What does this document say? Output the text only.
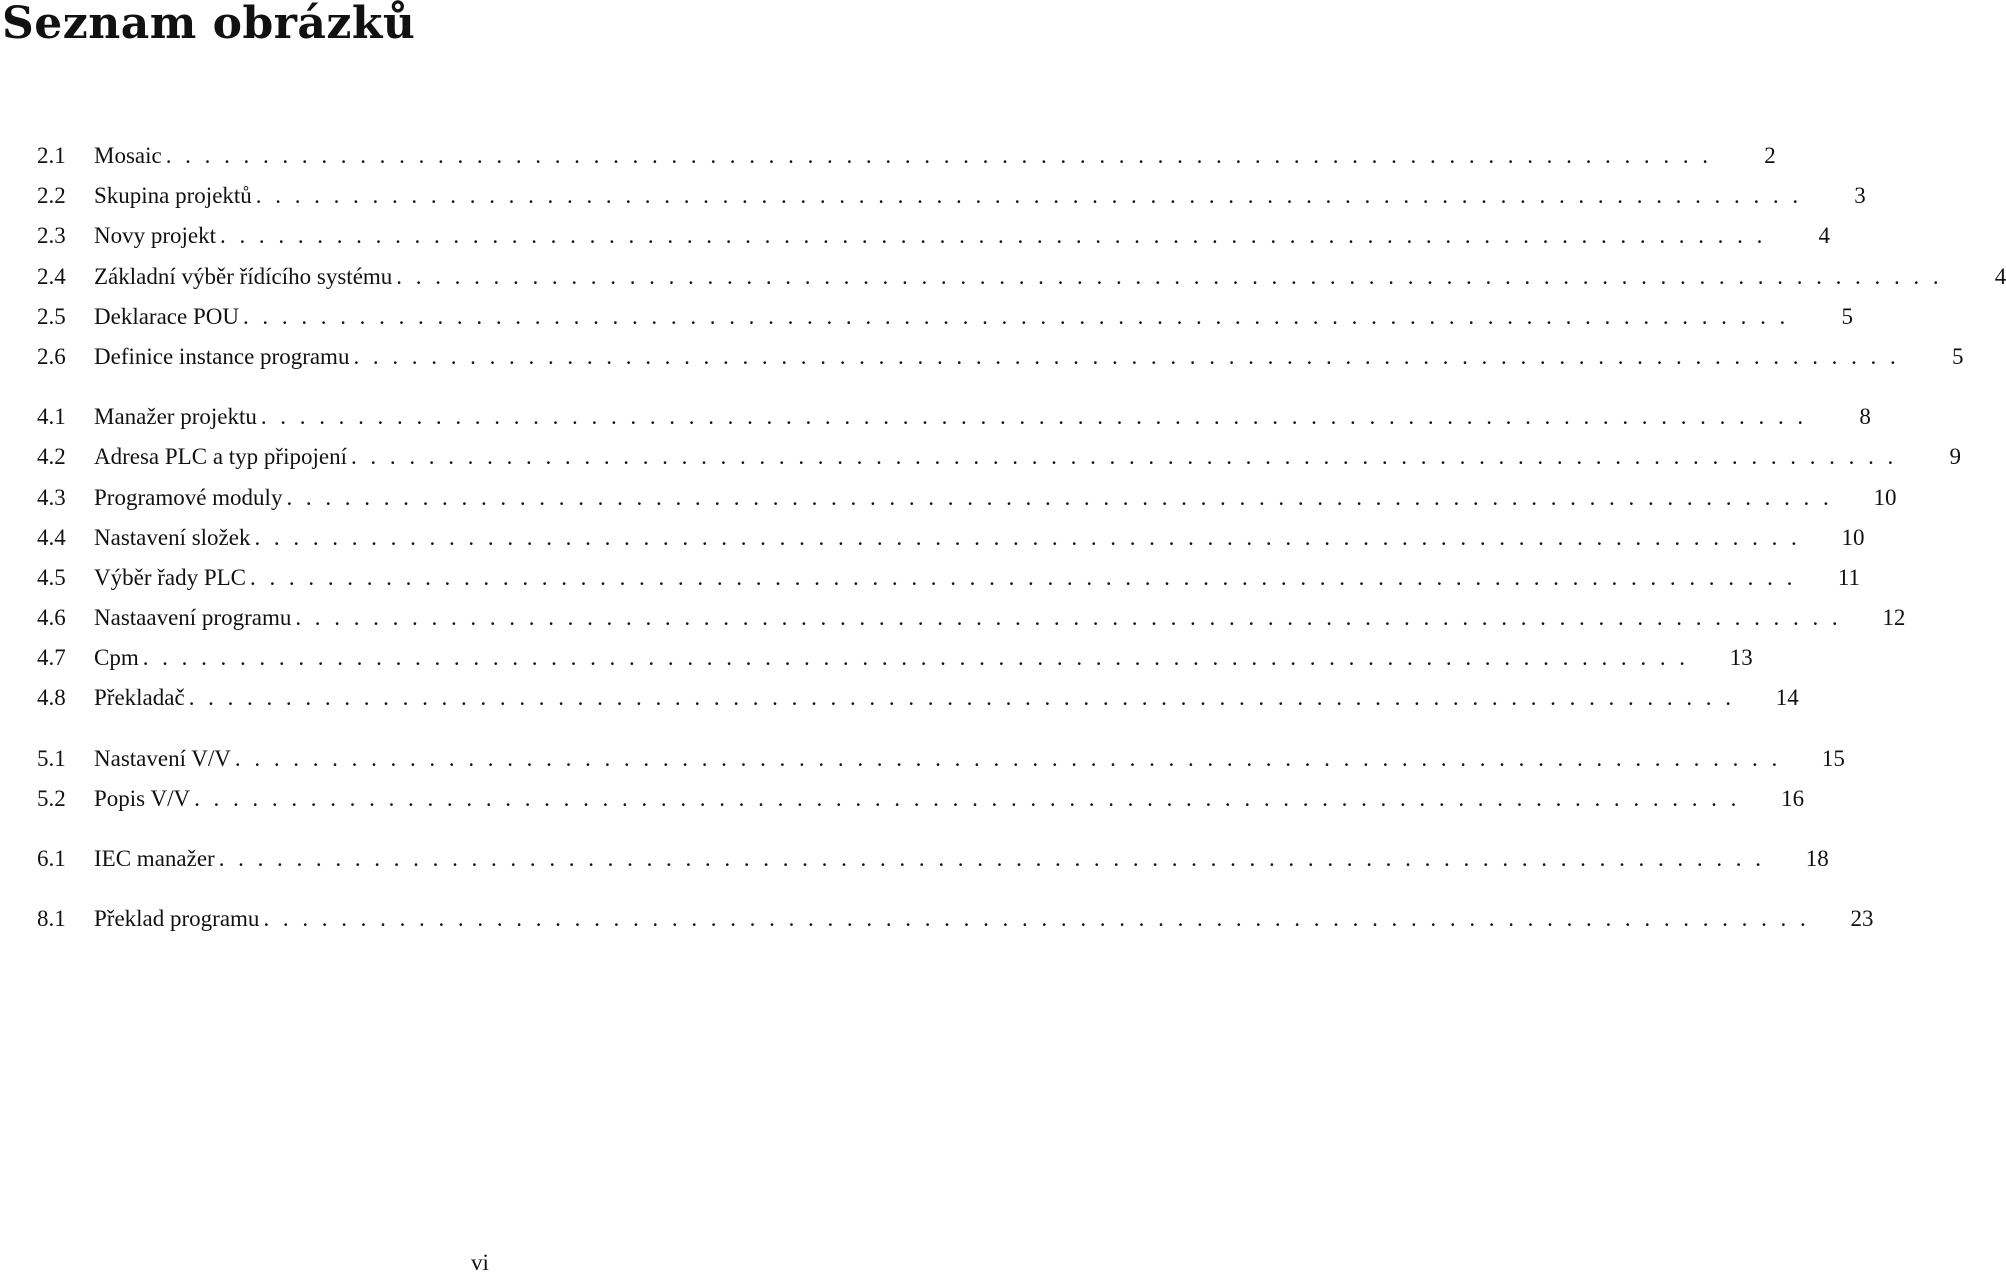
Seznam obrázků
2.1	Mosaic ................................................................................	2
2.2	Skupina projektů ................................................................................	3
2.3	Novy projekt ................................................................................	4
2.4	Základní výběr řídícího systému ................................................................................	4
2.5	Deklarace POU ................................................................................	5
2.6	Definice instance programu ................................................................................	5
4.1	Manažer projektu ................................................................................	8
4.2	Adresa PLC a typ připojení ................................................................................	9
4.3	Programové moduly ................................................................................	10
4.4	Nastavení složek ................................................................................	10
4.5	Výběr řady PLC ................................................................................	11
4.6	Nastaavení programu ................................................................................	12
4.7	Cpm ................................................................................	13
4.8	Překladač ................................................................................	14
5.1	Nastavení V/V ................................................................................	15
5.2	Popis V/V ................................................................................	16
6.1	IEC manažer ................................................................................	18
8.1	Překlad programu ................................................................................	23
vi
